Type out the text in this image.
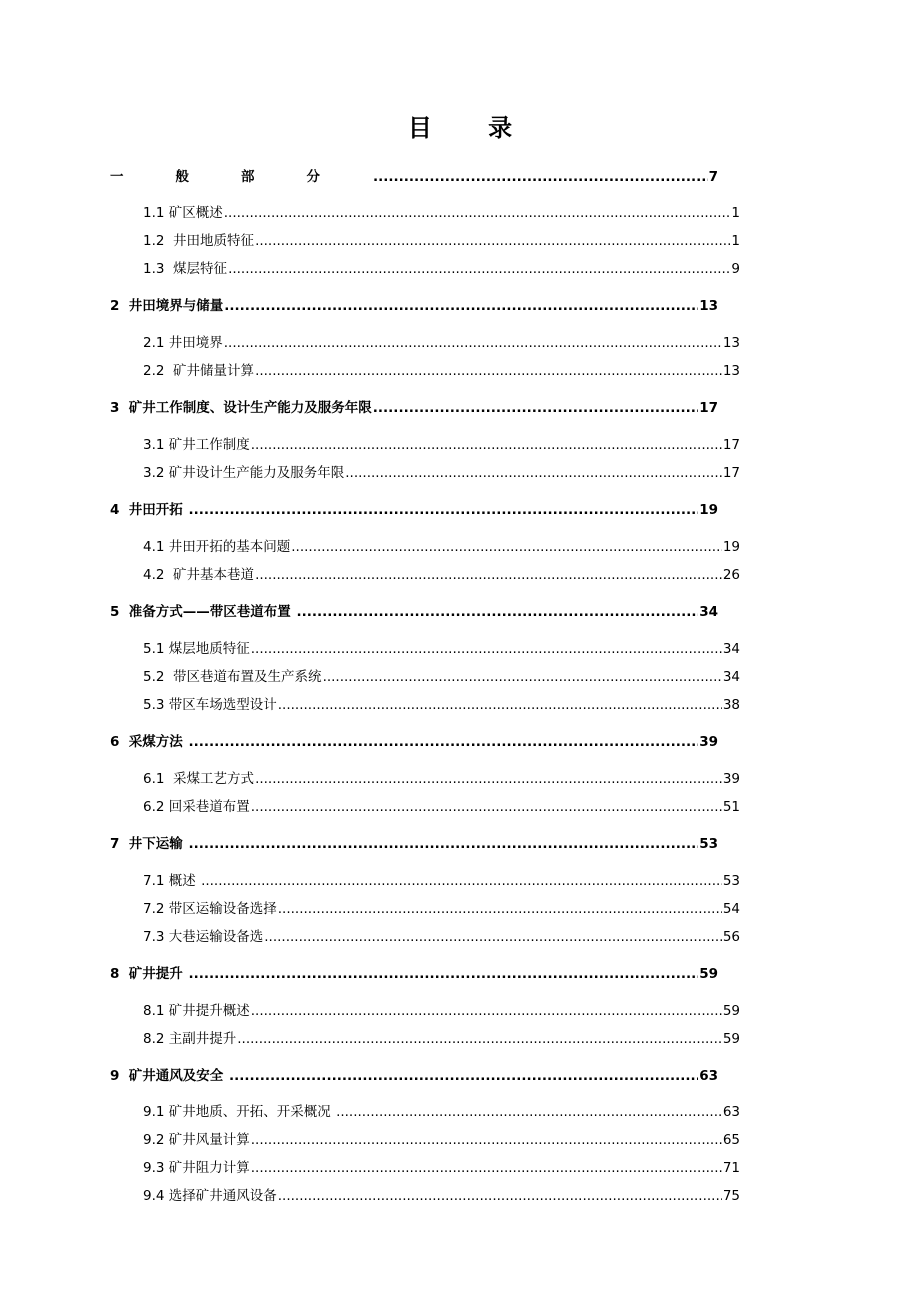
目 录
一般部分 .....	7
1.1 矿区概述 .....	1
1.2  井田地质特征 .....	1
1.3  煤层特征 .....	9
2  井田境界与储量 .....	13
2.1 井田境界 .....	13
2.2  矿井储量计算 .....	13
3  矿井工作制度、设计生产能力及服务年限 .....	17
3.1 矿井工作制度 .....	17
3.2 矿井设计生产能力及服务年限 .....	17
4  井田开拓 .....	19
4.1 井田开拓的基本问题 .....	19
4.2  矿井基本巷道 .....	26
5  准备方式——带区巷道布置 .....	34
5.1 煤层地质特征 .....	34
5.2  带区巷道布置及生产系统 .....	34
5.3 带区车场选型设计 .....	38
6  采煤方法 .....	39
6.1  采煤工艺方式 .....	39
6.2 回采巷道布置 .....	51
7  井下运输 .....	53
7.1 概述 .....	53
7.2 带区运输设备选择 .....	54
7.3 大巷运输设备选 .....	56
8  矿井提升 .....	59
8.1 矿井提升概述 .....	59
8.2 主副井提升 .....	59
9  矿井通风及安全 .....	63
9.1 矿井地质、开拓、开采概况 .....	63
9.2 矿井风量计算 .....	65
9.3 矿井阻力计算 .....	71
9.4 选择矿井通风设备 .....	75
